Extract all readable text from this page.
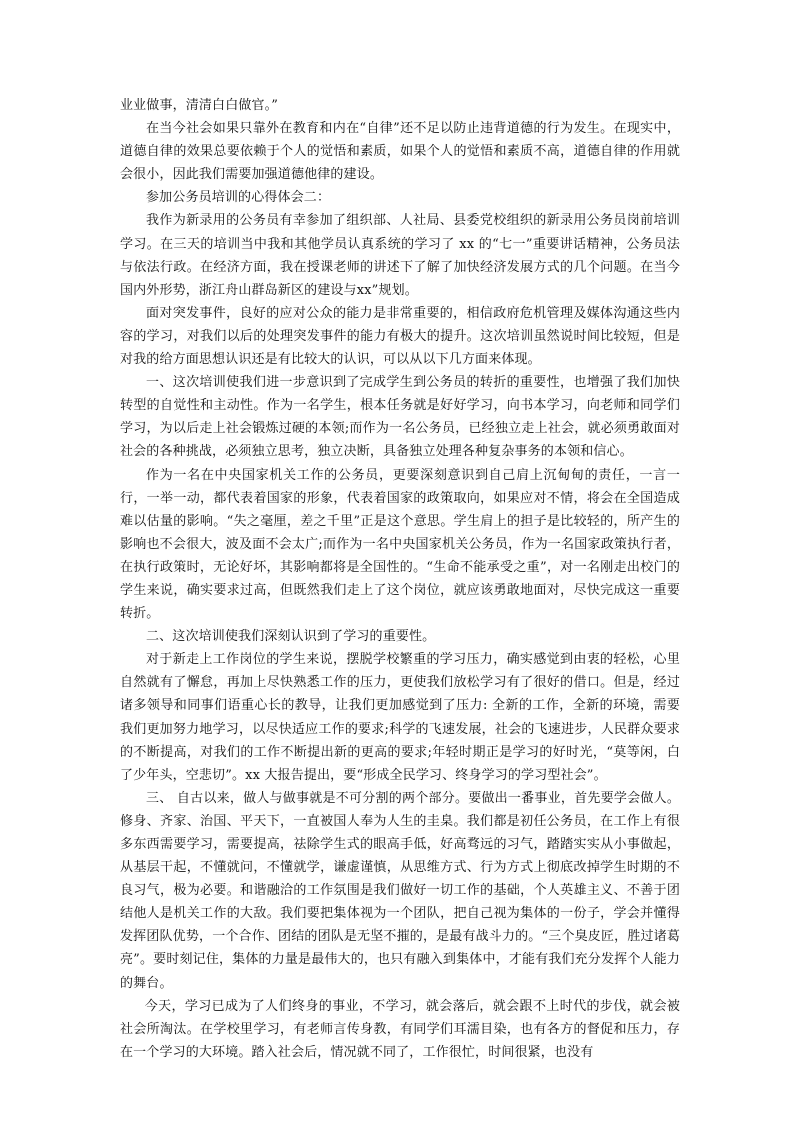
业业做事，清清白白做官。”

在当今社会如果只靠外在教育和内在“自律”还不足以防止违背道德的行为发生。在现实中，道德自律的效果总要依赖于个人的觉悟和素质，如果个人的觉悟和素质不高，道德自律的作用就会很小，因此我们需要加强道德他律的建设。

参加公务员培训的心得体会二：

我作为新录用的公务员有幸参加了组织部、人社局、县委党校组织的新录用公务员岗前培训学习。在三天的培训当中我和其他学员认真系统的学习了 xx 的“七一”重要讲话精神，公务员法与依法行政。在经济方面，我在授课老师的讲述下了解了加快经济发展方式的几个问题。在当今国内外形势，浙江舟山群岛新区的建设与xx”规划。

面对突发事件，良好的应对公众的能力是非常重要的，相信政府危机管理及媒体沟通这些内容的学习，对我们以后的处理突发事件的能力有极大的提升。这次培训虽然说时间比较短，但是对我的给方面思想认识还是有比较大的认识，可以从以下几方面来体现。

一、这次培训使我们进一步意识到了完成学生到公务员的转折的重要性，也增强了我们加快转型的自觉性和主动性。作为一名学生，根本任务就是好好学习，向书本学习，向老师和同学们学习，为以后走上社会锻炼过硬的本领;而作为一名公务员，已经独立走上社会，就必须勇敢面对社会的各种挑战，必须独立思考，独立决断，具备独立处理各种复杂事务的本领和信心。

作为一名在中央国家机关工作的公务员，更要深刻意识到自己肩上沉甸甸的责任，一言一行，一举一动，都代表着国家的形象，代表着国家的政策取向，如果应对不情，将会在全国造成难以估量的影响。“失之毫厘，差之千里”正是这个意思。学生肩上的担子是比较轻的，所产生的影响也不会很大，波及面不会太广;而作为一名中央国家机关公务员，作为一名国家政策执行者，在执行政策时，无论好坏，其影响都将是全国性的。“生命不能承受之重”，对一名刚走出校门的学生来说，确实要求过高，但既然我们走上了这个岗位，就应该勇敢地面对，尽快完成这一重要转折。

二、这次培训使我们深刻认识到了学习的重要性。

对于新走上工作岗位的学生来说，摆脱学校繁重的学习压力，确实感觉到由衷的轻松，心里自然就有了懈怠，再加上尽快熟悉工作的压力，更使我们放松学习有了很好的借口。但是，经过诸多领导和同事们语重心长的教导，让我们更加感觉到了压力: 全新的工作，全新的环境，需要我们更加努力地学习，以尽快适应工作的要求;科学的飞速发展，社会的飞速进步，人民群众要求的不断提高，对我们的工作不断提出新的更高的要求;年轻时期正是学习的好时光，“莫等闲，白了少年头，空悲切”。xx 大报告提出，要“形成全民学习、终身学习的学习型社会”。

三、 自古以来，做人与做事就是不可分割的两个部分。要做出一番事业，首先要学会做人。修身、齐家、治国、平天下，一直被国人奉为人生的圭臬。我们都是初任公务员，在工作上有很多东西需要学习，需要提高，祛除学生式的眼高手低，好高骛远的习气，踏踏实实从小事做起，从基层干起，不懂就问，不懂就学，谦虚谨慎，从思维方式、行为方式上彻底改掉学生时期的不良习气，极为必要。和谐融洽的工作氛围是我们做好一切工作的基础，个人英雄主义、不善于团结他人是机关工作的大敌。我们要把集体视为一个团队，把自己视为集体的一份子，学会并懂得发挥团队优势，一个合作、团结的团队是无坚不摧的，是最有战斗力的。“三个臭皮匠，胜过诸葛亮”。要时刻记住，集体的力量是最伟大的，也只有融入到集体中，才能有我们充分发挥个人能力的舞台。

今天，学习已成为了人们终身的事业，不学习，就会落后，就会跟不上时代的步伐，就会被社会所淘汰。在学校里学习，有老师言传身教，有同学们耳濡目染，也有各方的督促和压力，存在一个学习的大环境。踏入社会后，情况就不同了，工作很忙，时间很紧，也没有
